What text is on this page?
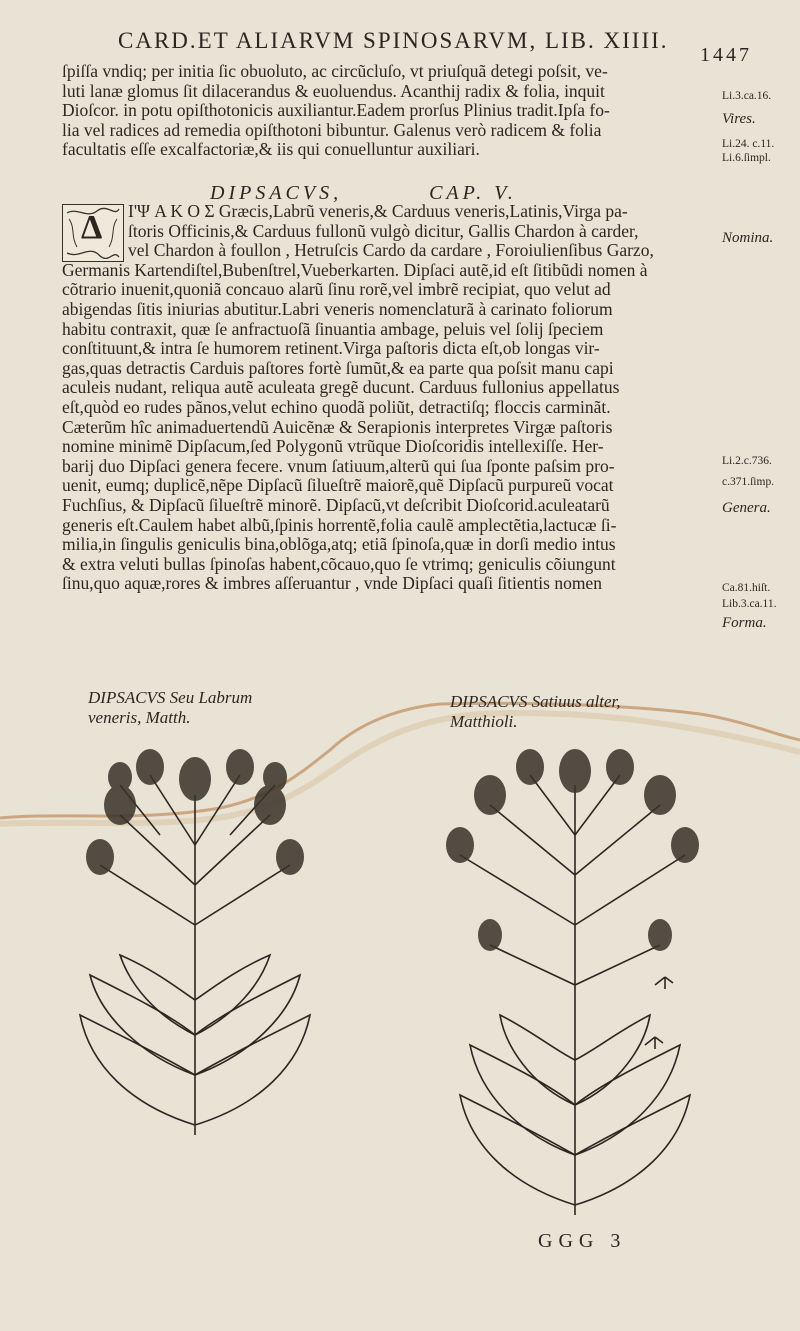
CARD.ET ALIARVM SPINOSARVM, LIB. XIIII.
1447

ſpiſſa vndiq; per initia ſic obuoluto, ac circũcluſo, vt priuſquã detegi poſsit, ve-

luti lanæ glomus ſit dilacerandus & euoluendus. Acanthij radix & folia, inquit

Dioſcor. in potu opiſthotonicis auxiliantur.Eadem prorſus Plinius tradit.Ipſa fo-

lia vel radices ad remedia opiſthotoni bibuntur. Galenus verò radicem & folia

facultatis eſſe excalfactoriæ,& iis qui conuelluntur auxiliari.

DIPSACVS,	CAP. V.
Δ	I'Ψ A K O Σ Græcis,Labrũ veneris,& Carduus veneris,Latinis,Virga pa-
ſtoris Officinis,& Carduus fullonũ vulgò dicitur, Gallis Chardon à carder,
vel Chardon à foullon , Hetruſcis Cardo da cardare , Foroiulienſibus Garzo,
Germanis Kartendiſtel,Bubenſtrel,Vueberkarten. Dipſaci autẽ,id eſt ſitibũdi nomen à
cõtrario inuenit,quoniã concauo alarũ ſinu rorẽ,vel imbrẽ recipiat, quo velut ad
abigendas ſitis iniurias abutitur.Labri veneris nomenclaturã à carinato foliorum
habitu contraxit, quæ ſe anfractuoſã ſinuantia ambage, peluis vel ſolij ſpeciem
conſtituunt,& intra ſe humorem retinent.Virga paſtoris dicta eſt,ob longas vir-
gas,quas detractis Carduis paſtores fortè ſumũt,& ea parte qua poſsit manu capi
aculeis nudant, reliqua autẽ aculeata gregẽ ducunt. Carduus fullonius appellatus
eſt,quòd eo rudes pãnos,velut echino quodã poliũt, detractiſq; floccis carminãt.
Cæterũm hîc animaduertendũ Auicẽnæ & Serapionis interpretes Virgæ paſtoris
nomine minimẽ Dipſacum,ſed Polygonũ vtrũque Dioſcoridis intellexiſſe. Her-
barij duo Dipſaci genera fecere. vnum ſatiuum,alterũ qui ſua ſponte paſsim pro-
uenit, eumq; duplicẽ,nẽpe Dipſacũ ſilueſtrẽ maiorẽ,quẽ Dipſacũ purpureũ vocat
Fuchſius, & Dipſacũ ſilueſtrẽ minorẽ. Dipſacũ,vt deſcribit Dioſcorid.aculeatarũ
generis eſt.Caulem habet albũ,ſpinis horrentẽ,folia caulẽ amplectẽtia,lactucæ ſi-
milia,in ſingulis geniculis bina,oblõga,atq; etiã ſpinoſa,quæ in dorſi medio intus
& extra veluti bullas ſpinoſas habent,cõcauo,quo ſe vtrimq; geniculis cõiungunt
ſinu,quo aquæ,rores & imbres aſſeruantur , vnde Dipſaci quaſi ſitientis nomen
Li.3.ca.16.
Vires.
Li.24. c.11.
Li.6.ſimpl.
Nomina.
Li.2.c.736.
c.371.ſimp.
Genera.
Ca.81.hiſt.
Lib.3.ca.11.
Forma.
DIPSACVS Seu Labrum
veneris, Matth.
DIPSACVS Satiuus alter,
Matthioli.
GGG 3
